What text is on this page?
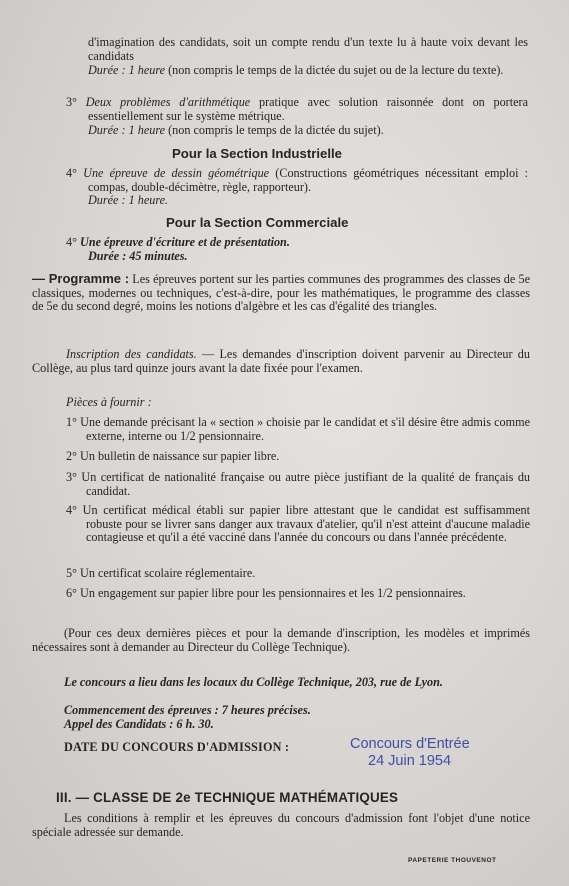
d'imagination des candidats, soit un compte rendu d'un texte lu à haute voix devant les candidats

Durée : 1 heure (non compris le temps de la dictée du sujet ou de la lecture du texte).

3° Deux problèmes d'arithmétique pratique avec solution raisonnée dont on portera essentiellement sur le système métrique.

Durée : 1 heure (non compris le temps de la dictée du sujet).

Pour la Section Industrielle

4° Une épreuve de dessin géométrique (Constructions géométriques nécessitant emploi : compas, double-décimètre, règle, rapporteur).

Durée : 1 heure.

Pour la Section Commerciale

4° Une épreuve d'écriture et de présentation.

Durée : 45 minutes.

— Programme : Les épreuves portent sur les parties communes des programmes des classes de 5e classiques, modernes ou techniques, c'est-à-dire, pour les mathématiques, le programme des classes de 5e du second degré, moins les notions d'algèbre et les cas d'égalité des triangles.

Inscription des candidats. — Les demandes d'inscription doivent parvenir au Directeur du Collège, au plus tard quinze jours avant la date fixée pour l'examen.

Pièces à fournir :

1° Une demande précisant la « section » choisie par le candidat et s'il désire être admis comme externe, interne ou 1/2 pensionnaire.

2° Un bulletin de naissance sur papier libre.

3° Un certificat de nationalité française ou autre pièce justifiant de la qualité de français du candidat.

4° Un certificat médical établi sur papier libre attestant que le candidat est suffisamment robuste pour se livrer sans danger aux travaux d'atelier, qu'il n'est atteint d'aucune maladie contagieuse et qu'il a été vacciné dans l'année du concours ou dans l'année précédente.

5° Un certificat scolaire réglementaire.

6° Un engagement sur papier libre pour les pensionnaires et les 1/2 pensionnaires.

(Pour ces deux dernières pièces et pour la demande d'inscription, les modèles et imprimés nécessaires sont à demander au Directeur du Collège Technique).

Le concours a lieu dans les locaux du Collège Technique, 203, rue de Lyon.

Commencement des épreuves : 7 heures précises.

Appel des Candidats : 6 h. 30.

DATE DU CONCOURS D'ADMISSION :	Concours d'Entrée
24 Juin 1954
III. — CLASSE DE 2e TECHNIQUE MATHÉMATIQUES

Les conditions à remplir et les épreuves du concours d'admission font l'objet d'une notice spéciale adressée sur demande.

PAPETERIE THOUVENOT
